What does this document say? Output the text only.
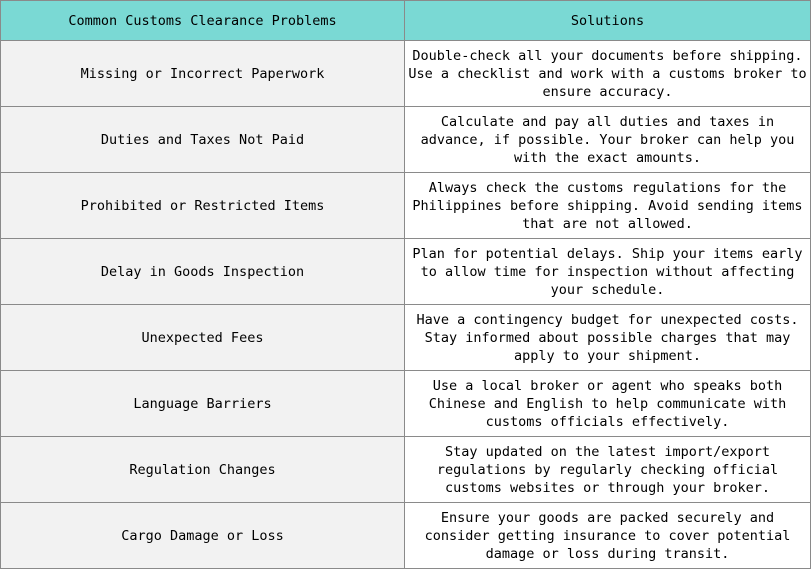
Common Customs Clearance Problems	Solutions
Missing or Incorrect Paperwork	Double-check all your documents before shipping. Use a checklist and work with a customs broker to ensure accuracy.
Duties and Taxes Not Paid	Calculate and pay all duties and taxes in advance, if possible. Your broker can help you with the exact amounts.
Prohibited or Restricted Items	Always check the customs regulations for the Philippines before shipping. Avoid sending items that are not allowed.
Delay in Goods Inspection	Plan for potential delays. Ship your items early to allow time for inspection without affecting your schedule.
Unexpected Fees	Have a contingency budget for unexpected costs. Stay informed about possible charges that may apply to your shipment.
Language Barriers	Use a local broker or agent who speaks both Chinese and English to help communicate with customs officials effectively.
Regulation Changes	Stay updated on the latest import/export regulations by regularly checking official customs websites or through your broker.
Cargo Damage or Loss	Ensure your goods are packed securely and consider getting insurance to cover potential damage or loss during transit.
